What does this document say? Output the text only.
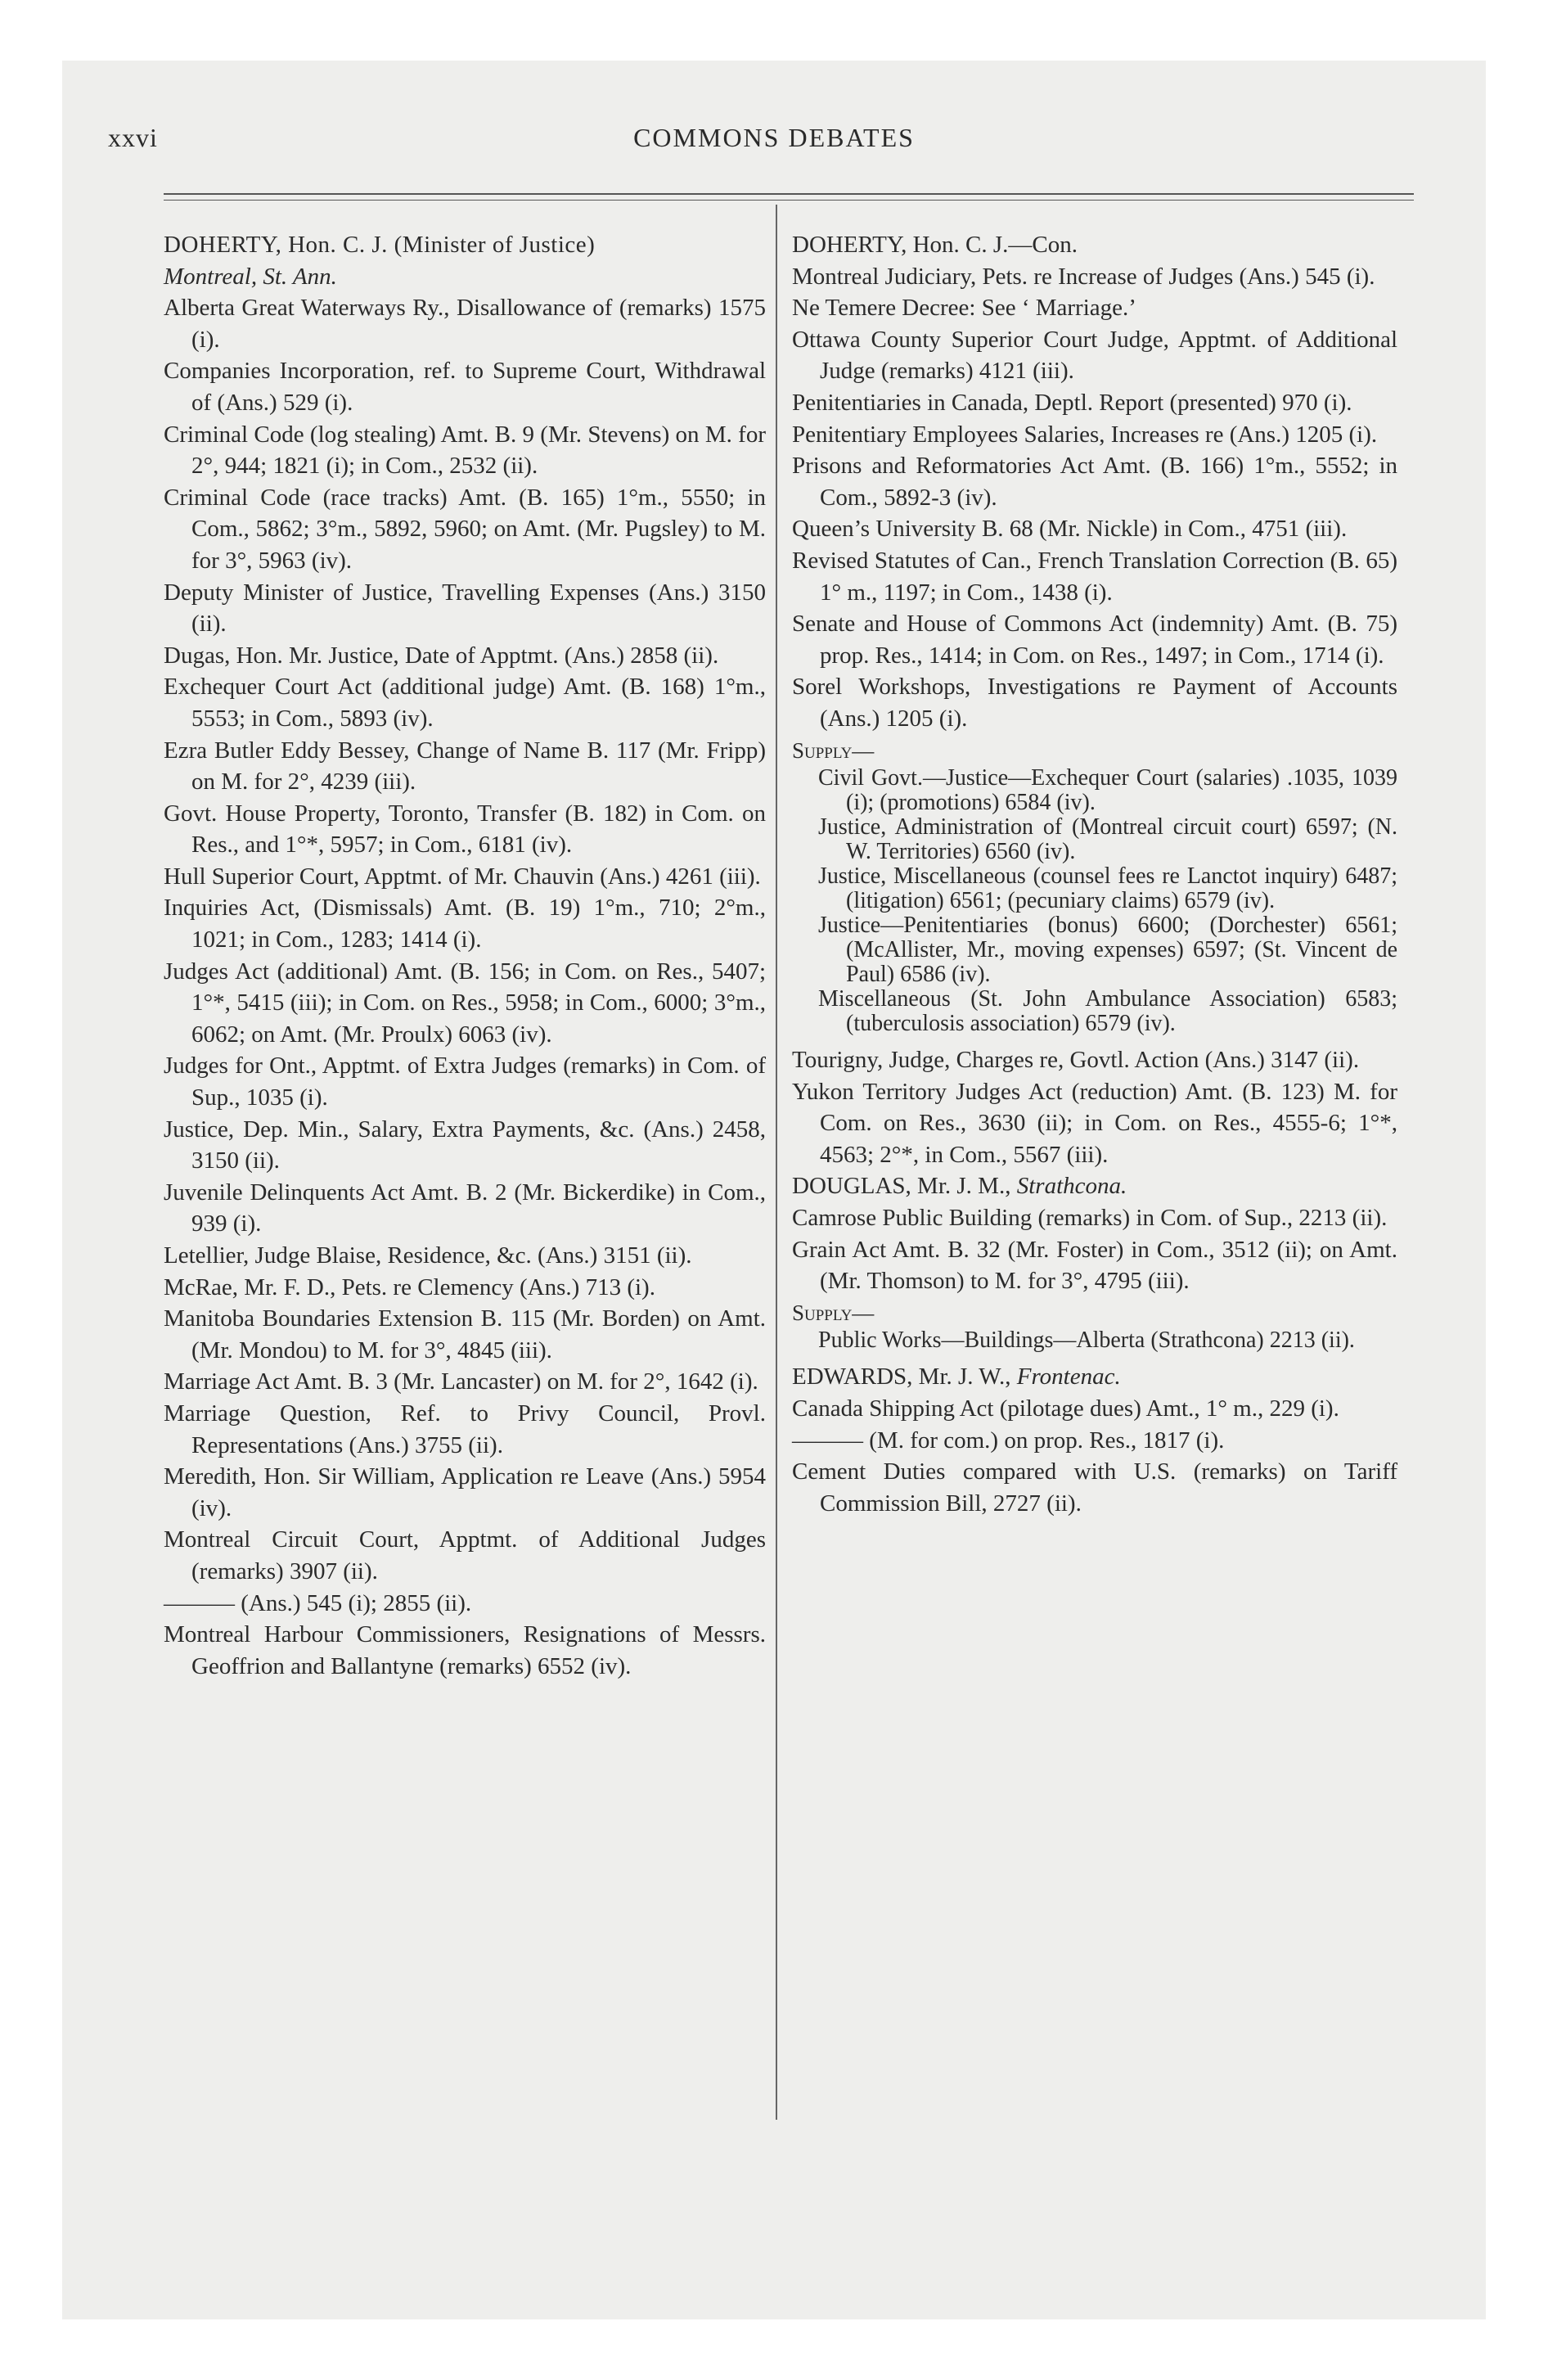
xxvi	COMMONS DEBATES

DOHERTY, Hon. C. J. (Minister of Justice)
Montreal, St. Ann.

Alberta Great Waterways Ry., Disallowance of (remarks) 1575 (i).

Companies Incorporation, ref. to Supreme Court, Withdrawal of (Ans.) 529 (i).

Criminal Code (log stealing) Amt. B. 9 (Mr. Stevens) on M. for 2°, 944; 1821 (i); in Com., 2532 (ii).

Criminal Code (race tracks) Amt. (B. 165) 1°m., 5550; in Com., 5862; 3°m., 5892, 5960; on Amt. (Mr. Pugsley) to M. for 3°, 5963 (iv).

Deputy Minister of Justice, Travelling Expenses (Ans.) 3150 (ii).

Dugas, Hon. Mr. Justice, Date of Apptmt. (Ans.) 2858 (ii).

Exchequer Court Act (additional judge) Amt. (B. 168) 1°m., 5553; in Com., 5893 (iv).

Ezra Butler Eddy Bessey, Change of Name B. 117 (Mr. Fripp) on M. for 2°, 4239 (iii).

Govt. House Property, Toronto, Transfer (B. 182) in Com. on Res., and 1°*, 5957; in Com., 6181 (iv).

Hull Superior Court, Apptmt. of Mr. Chauvin (Ans.) 4261 (iii).

Inquiries Act, (Dismissals) Amt. (B. 19) 1°m., 710; 2°m., 1021; in Com., 1283; 1414 (i).

Judges Act (additional) Amt. (B. 156; in Com. on Res., 5407; 1°*, 5415 (iii); in Com. on Res., 5958; in Com., 6000; 3°m., 6062; on Amt. (Mr. Proulx) 6063 (iv).

Judges for Ont., Apptmt. of Extra Judges (remarks) in Com. of Sup., 1035 (i).

Justice, Dep. Min., Salary, Extra Payments, &c. (Ans.) 2458, 3150 (ii).

Juvenile Delinquents Act Amt. B. 2 (Mr. Bickerdike) in Com., 939 (i).

Letellier, Judge Blaise, Residence, &c. (Ans.) 3151 (ii).

McRae, Mr. F. D., Pets. re Clemency (Ans.) 713 (i).

Manitoba Boundaries Extension B. 115 (Mr. Borden) on Amt. (Mr. Mondou) to M. for 3°, 4845 (iii).

Marriage Act Amt. B. 3 (Mr. Lancaster) on M. for 2°, 1642 (i).

Marriage Question, Ref. to Privy Council, Provl. Representations (Ans.) 3755 (ii).

Meredith, Hon. Sir William, Application re Leave (Ans.) 5954 (iv).

Montreal Circuit Court, Apptmt. of Additional Judges (remarks) 3907 (ii).

——— (Ans.) 545 (i); 2855 (ii).

Montreal Harbour Commissioners, Resignations of Messrs. Geoffrion and Ballantyne (remarks) 6552 (iv).

DOHERTY, Hon. C. J.—Con.

Montreal Judiciary, Pets. re Increase of Judges (Ans.) 545 (i).

Ne Temere Decree: See ‘ Marriage.’

Ottawa County Superior Court Judge, Apptmt. of Additional Judge (remarks) 4121 (iii).

Penitentiaries in Canada, Deptl. Report (presented) 970 (i).

Penitentiary Employees Salaries, Increases re (Ans.) 1205 (i).

Prisons and Reformatories Act Amt. (B. 166) 1°m., 5552; in Com., 5892-3 (iv).

Queen’s University B. 68 (Mr. Nickle) in Com., 4751 (iii).

Revised Statutes of Can., French Translation Correction (B. 65) 1° m., 1197; in Com., 1438 (i).

Senate and House of Commons Act (indemnity) Amt. (B. 75) prop. Res., 1414; in Com. on Res., 1497; in Com., 1714 (i).

Sorel Workshops, Investigations re Payment of Accounts (Ans.) 1205 (i).

Supply—

Civil Govt.—Justice—Exchequer Court (salaries) .1035, 1039 (i); (promotions) 6584 (iv).

Justice, Administration of (Montreal circuit court) 6597; (N. W. Territories) 6560 (iv).

Justice, Miscellaneous (counsel fees re Lanctot inquiry) 6487; (litigation) 6561; (pecuniary claims) 6579 (iv).

Justice—Penitentiaries (bonus) 6600; (Dorchester) 6561; (McAllister, Mr., moving expenses) 6597; (St. Vincent de Paul) 6586 (iv).

Miscellaneous (St. John Ambulance Association) 6583; (tuberculosis association) 6579 (iv).

Tourigny, Judge, Charges re, Govtl. Action (Ans.) 3147 (ii).

Yukon Territory Judges Act (reduction) Amt. (B. 123) M. for Com. on Res., 3630 (ii); in Com. on Res., 4555-6; 1°*, 4563; 2°*, in Com., 5567 (iii).

DOUGLAS, Mr. J. M., Strathcona.

Camrose Public Building (remarks) in Com. of Sup., 2213 (ii).

Grain Act Amt. B. 32 (Mr. Foster) in Com., 3512 (ii); on Amt. (Mr. Thomson) to M. for 3°, 4795 (iii).

Supply—

Public Works—Buildings—Alberta (Strathcona) 2213 (ii).

EDWARDS, Mr. J. W., Frontenac.

Canada Shipping Act (pilotage dues) Amt., 1° m., 229 (i).

——— (M. for com.) on prop. Res., 1817 (i).

Cement Duties compared with U.S. (remarks) on Tariff Commission Bill, 2727 (ii).
